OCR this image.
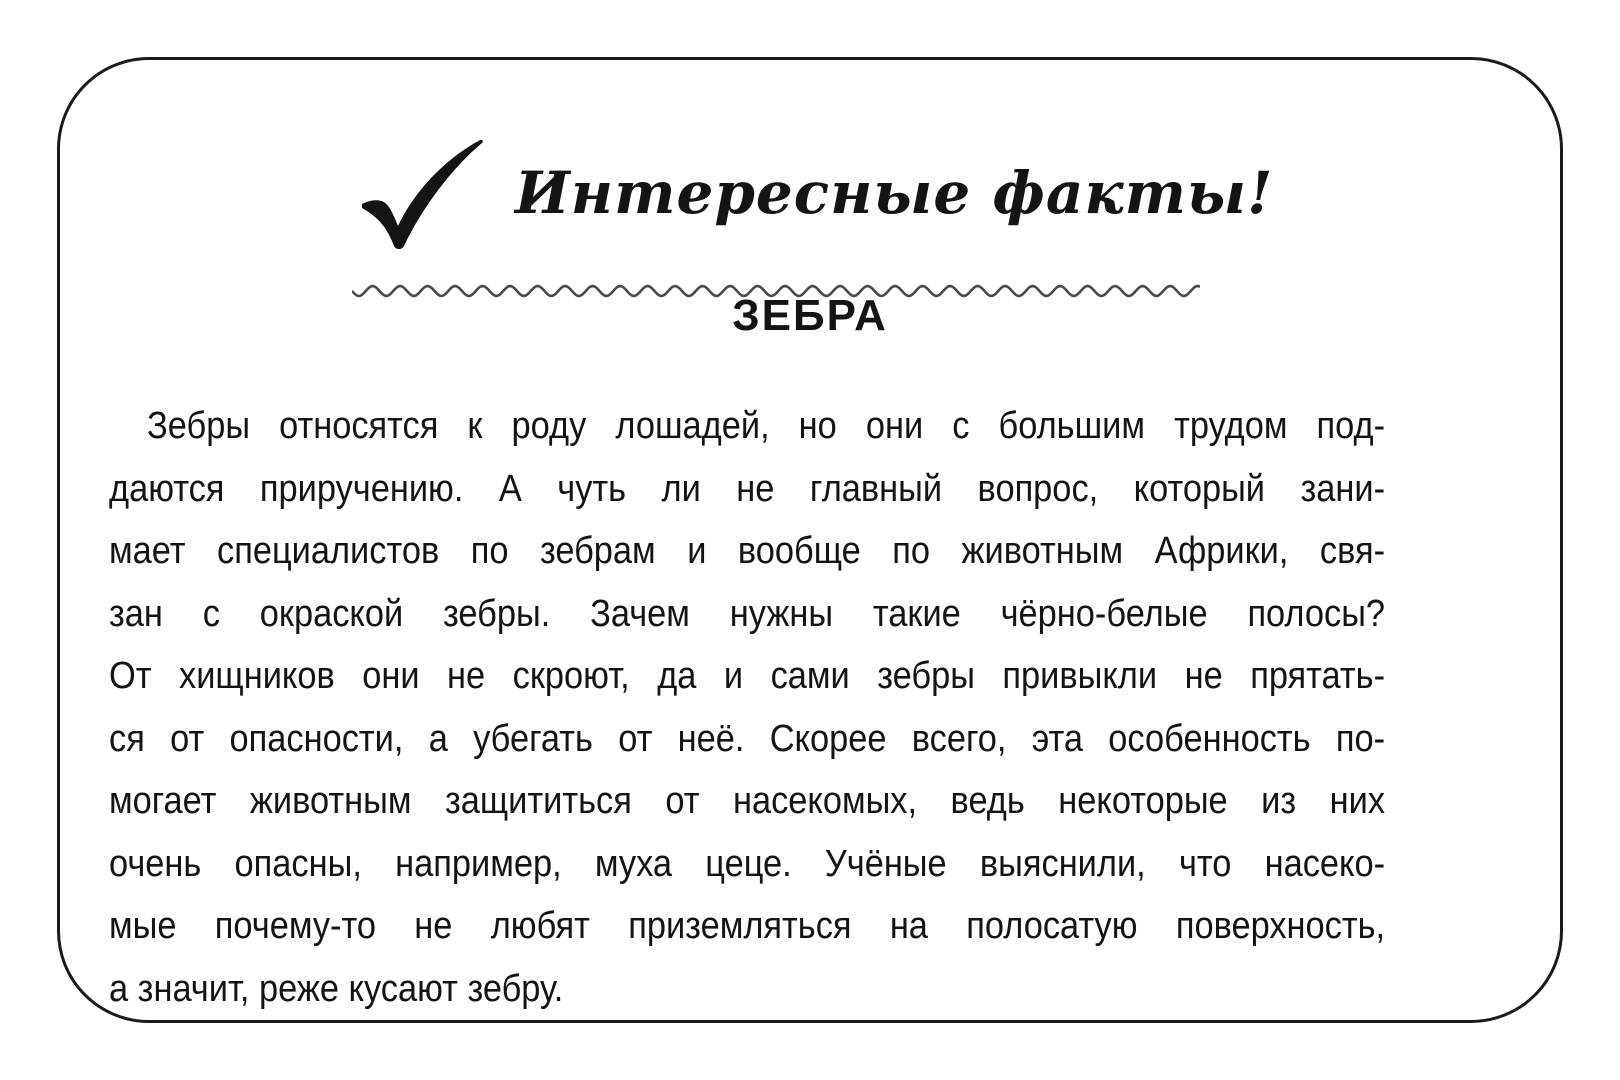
Интересные факты!
ЗЕБРА
Зебры относятся к роду лошадей, но они с большим трудом под-
даются приручению. А чуть ли не главный вопрос, который зани-
мает специалистов по зебрам и вообще по животным Африки, свя-
зан с окраской зебры. Зачем нужны такие чёрно-белые полосы?
От хищников они не скроют, да и сами зебры привыкли не прятать-
ся от опасности, а убегать от неё. Скорее всего, эта особенность по-
могает животным защититься от насекомых, ведь некоторые из них
очень опасны, например, муха цеце. Учёные выяснили, что насеко-
мые почему-то не любят приземляться на полосатую поверхность,
а значит, реже кусают зебру.
